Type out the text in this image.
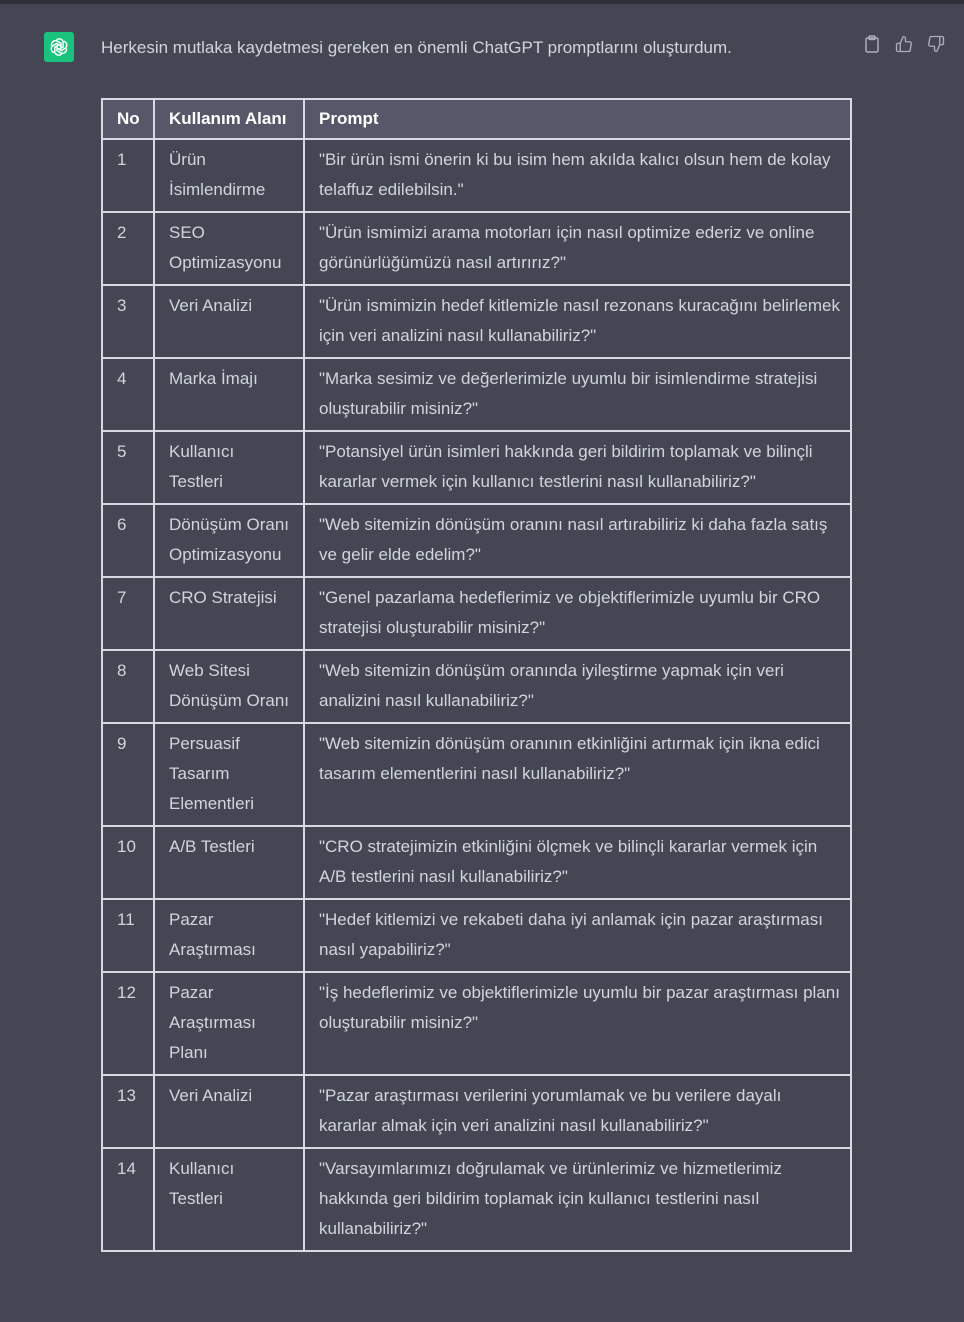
Herkesin mutlaka kaydetmesi gereken en önemli ChatGPT promptlarını oluşturdum.
No	Kullanım Alanı	Prompt
1	Ürün İsimlendirme	"Bir ürün ismi önerin ki bu isim hem akılda kalıcı olsun hem de kolay telaffuz edilebilsin."
2	SEO Optimizasyonu	"Ürün ismimizi arama motorları için nasıl optimize ederiz ve online görünürlüğümüzü nasıl artırırız?"
3	Veri Analizi	"Ürün ismimizin hedef kitlemizle nasıl rezonans kuracağını belirlemek için veri analizini nasıl kullanabiliriz?"
4	Marka İmajı	"Marka sesimiz ve değerlerimizle uyumlu bir isimlendirme stratejisi oluşturabilir misiniz?"
5	Kullanıcı Testleri	"Potansiyel ürün isimleri hakkında geri bildirim toplamak ve bilinçli kararlar vermek için kullanıcı testlerini nasıl kullanabiliriz?"
6	Dönüşüm Oranı Optimizasyonu	"Web sitemizin dönüşüm oranını nasıl artırabiliriz ki daha fazla satış ve gelir elde edelim?"
7	CRO Stratejisi	"Genel pazarlama hedeflerimiz ve objektiflerimizle uyumlu bir CRO stratejisi oluşturabilir misiniz?"
8	Web Sitesi Dönüşüm Oranı	"Web sitemizin dönüşüm oranında iyileştirme yapmak için veri analizini nasıl kullanabiliriz?"
9	Persuasif Tasarım Elementleri	"Web sitemizin dönüşüm oranının etkinliğini artırmak için ikna edici tasarım elementlerini nasıl kullanabiliriz?"
10	A/B Testleri	"CRO stratejimizin etkinliğini ölçmek ve bilinçli kararlar vermek için A/B testlerini nasıl kullanabiliriz?"
11	Pazar Araştırması	"Hedef kitlemizi ve rekabeti daha iyi anlamak için pazar araştırması nasıl yapabiliriz?"
12	Pazar Araştırması Planı	"İş hedeflerimiz ve objektiflerimizle uyumlu bir pazar araştırması planı oluşturabilir misiniz?"
13	Veri Analizi	"Pazar araştırması verilerini yorumlamak ve bu verilere dayalı kararlar almak için veri analizini nasıl kullanabiliriz?"
14	Kullanıcı Testleri	"Varsayımlarımızı doğrulamak ve ürünlerimiz ve hizmetlerimiz hakkında geri bildirim toplamak için kullanıcı testlerini nasıl kullanabiliriz?"
